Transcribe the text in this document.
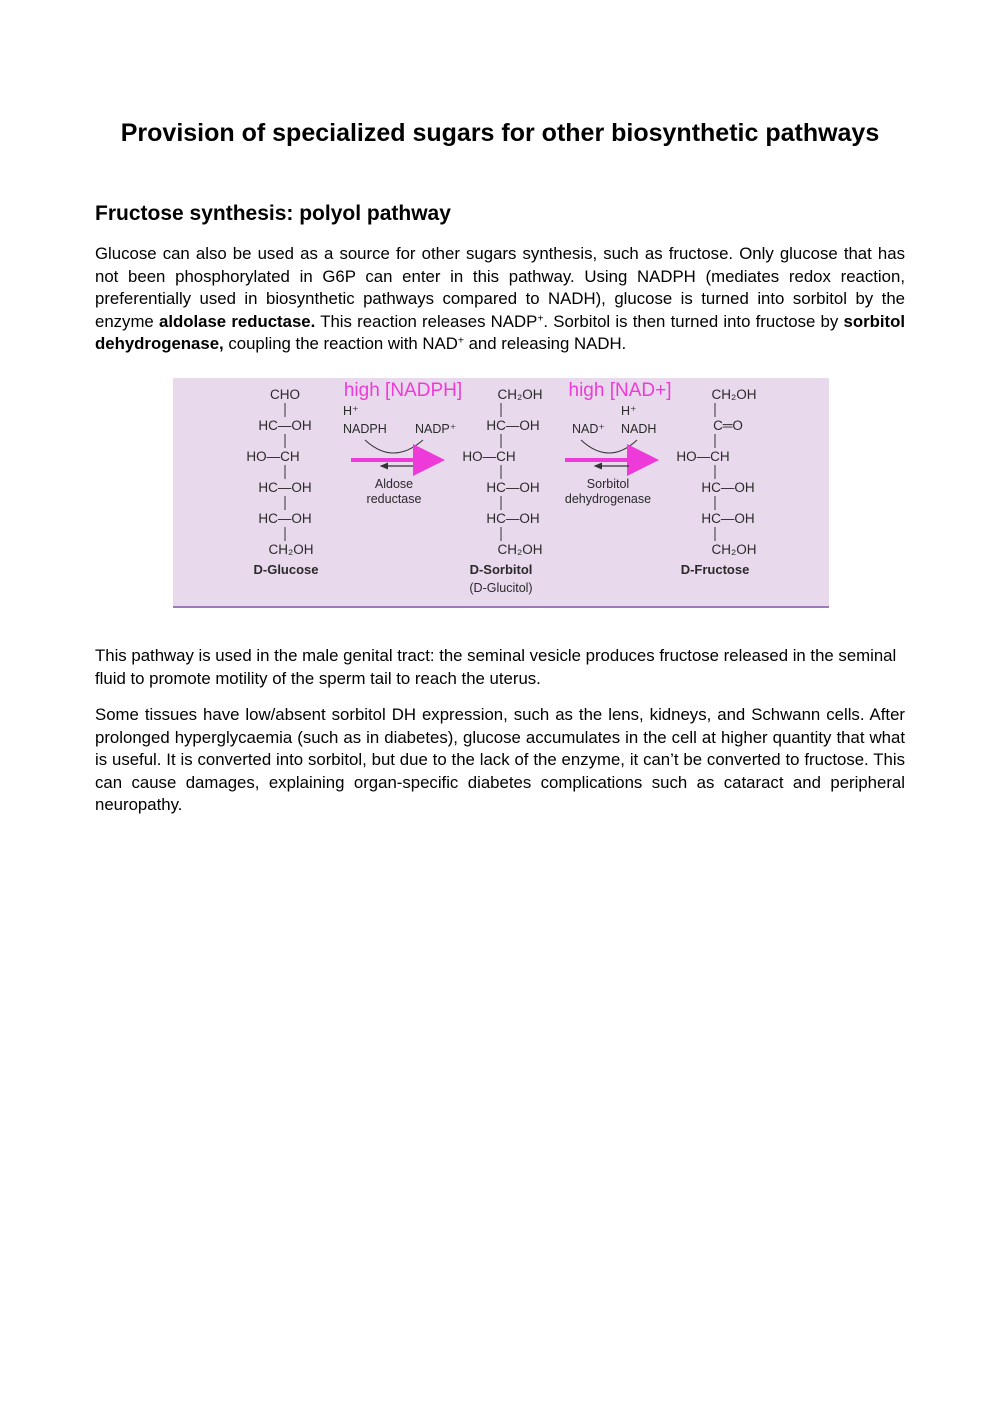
Provision of specialized sugars for other biosynthetic pathways
Fructose synthesis: polyol pathway

Glucose can also be used as a source for other sugars synthesis, such as fructose. Only glucose that has not been phosphorylated in G6P can enter in this pathway. Using NADPH (mediates redox reaction, preferentially used in biosynthetic pathways compared to NADH), glucose is turned into sorbitol by the enzyme aldolase reductase. This reaction releases NADP+. Sorbitol is then turned into fructose by sorbitol dehydrogenase, coupling the reaction with NAD+ and releasing NADH.

CHO
HC—OH
HO—CH
HC—OH
HC—OH
CH₂OH
D-Glucose
high [NADPH]
H⁺
NADPH NADP⁺
Aldose
reductase
CH₂OH
HC—OH
HO—CH
HC—OH
HC—OH
CH₂OH
D-Sorbitol
(D-Glucitol)
high [NAD+]
H⁺
NAD⁺ NADH
Sorbitol
dehydrogenase
CH₂OH
C═O
HO—CH
HC—OH
HC—OH
CH₂OH
D-Fructose

This pathway is used in the male genital tract: the seminal vesicle produces fructose released in the seminal fluid to promote motility of the sperm tail to reach the uterus.

Some tissues have low/absent sorbitol DH expression, such as the lens, kidneys, and Schwann cells. After prolonged hyperglycaemia (such as in diabetes), glucose accumulates in the cell at higher quantity that what is useful. It is converted into sorbitol, but due to the lack of the enzyme, it can’t be converted to fructose. This can cause damages, explaining organ-specific diabetes complications such as cataract and peripheral neuropathy.
